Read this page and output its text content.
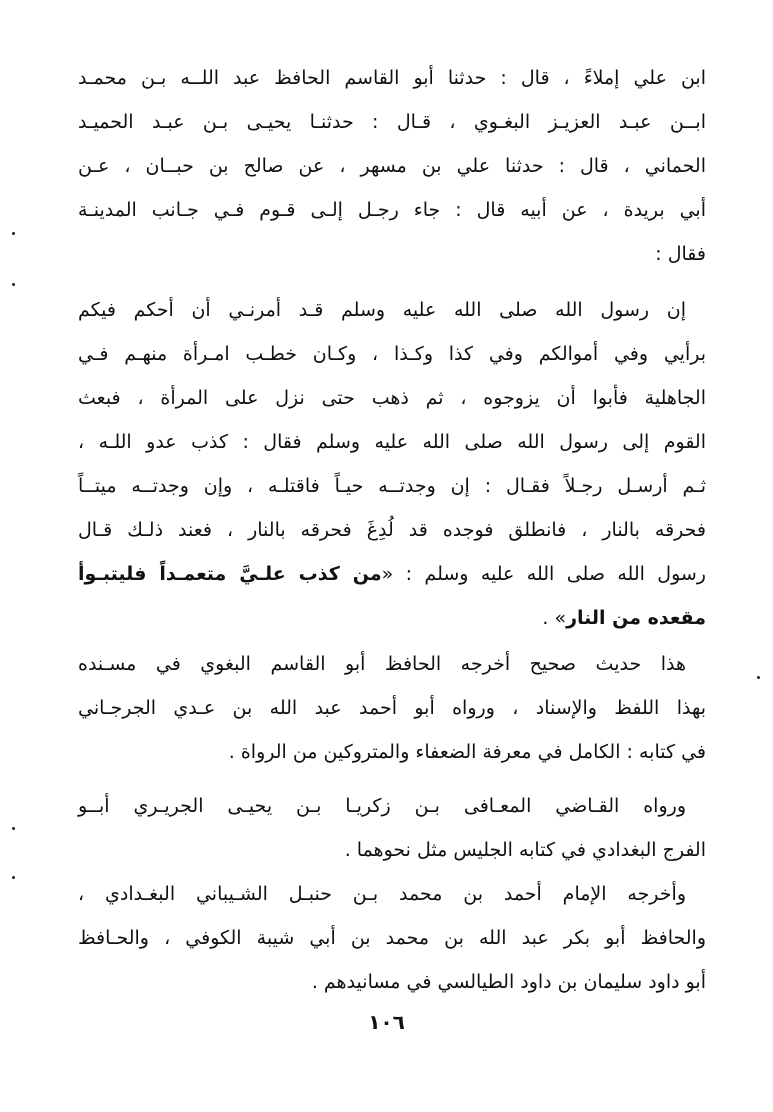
ابن علي إملاءً ، قال : حدثنا أبو القاسم الحافظ عبد اللــه بـن محمـد
ابــن عبـد العزيـز البغـوي ، قـال : حدثنـا يحيـى بـن عبـد الحميـد
الحماني ، قال : حدثنا علي بن مسهر ، عن صالح بن حبــان ، عـن
أبي بريدة ، عن أبيه قال : جاء رجـل إلـى قـوم فـي جـانب المدينـة
فقال :
إن رسول الله صلى الله عليه وسلم قـد أمرنـي أن أحكم فيكم
برأيي وفي أموالكم وفي كذا وكـذا ، وكـان خطـب امـرأة منهـم فـي
الجاهلية فأبوا أن يزوجوه ، ثم ذهب حتى نزل على المرأة ، فبعث
القوم إلى رسول الله صلى الله عليه وسلم فقال : كذب عدو اللـه ،
ثـم أرسـل رجـلاً فقـال : إن وجدتــه حيـاً فاقتلـه ، وإن وجدتــه ميتــاً
فحرقه بالنار ، فانطلق فوجده قد لُدِغَ فحرقه بالنار ، فعند ذلـك قـال
رسول الله صلى الله عليه وسلم : «من كذب علـيَّ متعمـداً فليتبـوأ
مقعده من النار» .
هذا حديث صحيح أخرجه الحافظ أبو القاسم البغوي في مسـنده
بهذا اللفظ والإسناد ، ورواه أبو أحمد عبد الله بن عـدي الجرجـاني
في كتابه : الكامل في معرفة الضعفاء والمتروكين من الرواة .
ورواه القـاضي المعـافى بـن زكريـا بـن يحيـى الجريـري أبــو
الفرج البغدادي في كتابه الجليس مثل نحوهما .
وأخرجه الإمام أحمد بن محمد بـن حنبـل الشـيباني البغـدادي ،
والحافظ أبو بكر عبد الله بن محمد بن أبي شيبة الكوفي ، والحـافظ
أبو داود سليمان بن داود الطيالسي في مسانيدهم .
١٠٦
